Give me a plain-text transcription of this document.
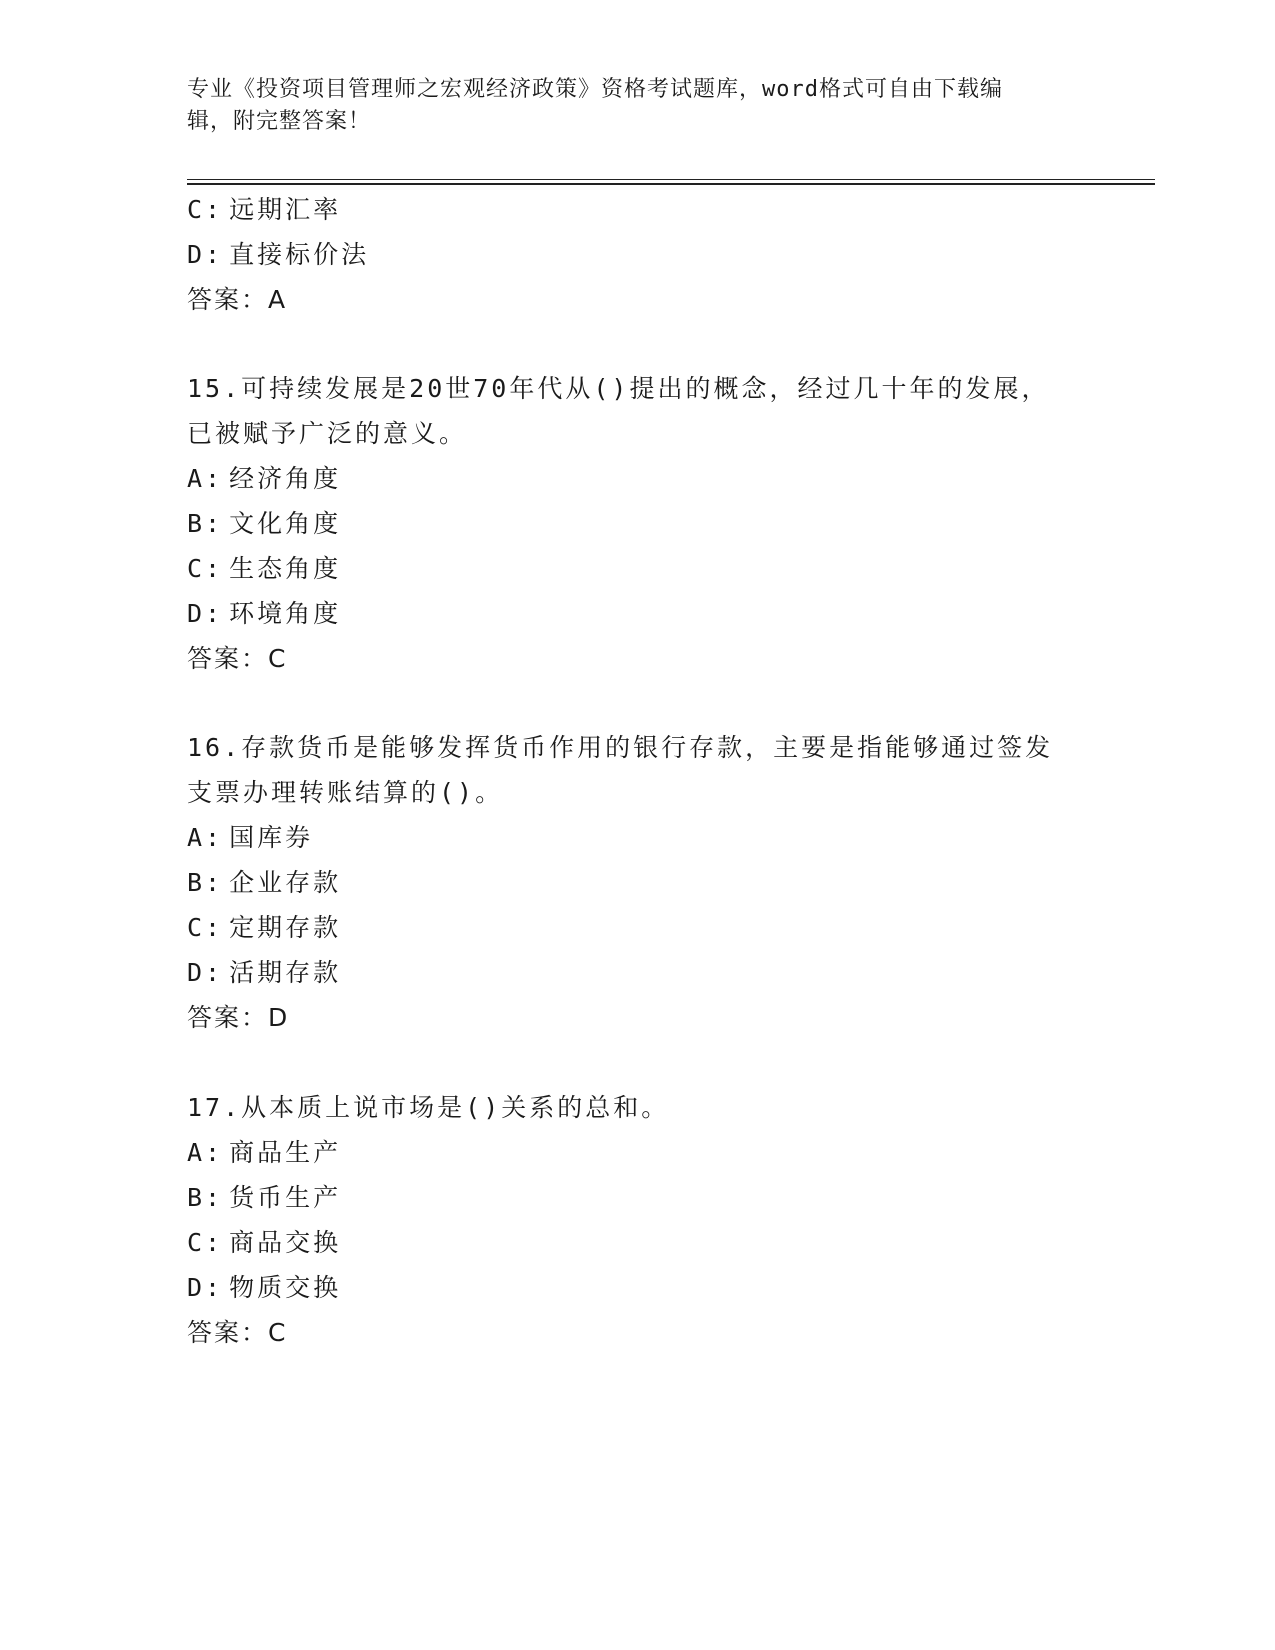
专业《投资项目管理师之宏观经济政策》资格考试题库，word格式可自由下载编
辑，附完整答案！
C: 远期汇率
D: 直接标价法
答案：A
15.可持续发展是20世70年代从()提出的概念，经过几十年的发展，
已被赋予广泛的意义。
A: 经济角度
B: 文化角度
C: 生态角度
D: 环境角度
答案：C
16.存款货币是能够发挥货币作用的银行存款，主要是指能够通过签发
支票办理转账结算的()。
A: 国库券
B: 企业存款
C: 定期存款
D: 活期存款
答案：D
17.从本质上说市场是()关系的总和。
A: 商品生产
B: 货币生产
C: 商品交换
D: 物质交换
答案：C
